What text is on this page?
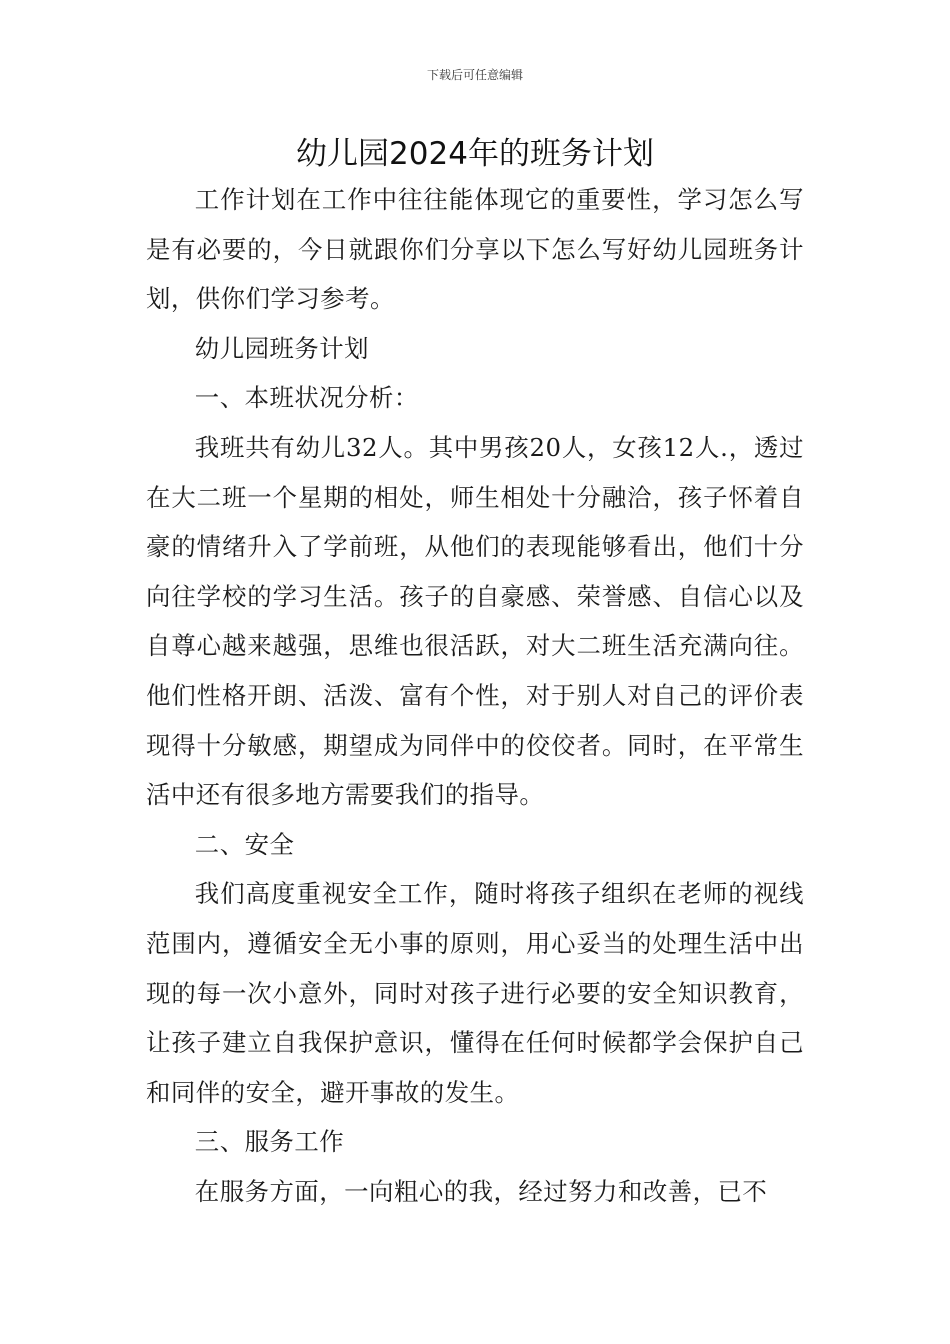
下载后可任意编辑
幼儿园2024年的班务计划

工作计划在工作中往往能体现它的重要性，学习怎么写是有必要的，今日就跟你们分享以下怎么写好幼儿园班务计划，供你们学习参考。

幼儿园班务计划

一、本班状况分析：

我班共有幼儿32人。其中男孩20人，女孩12人.，透过在大二班一个星期的相处，师生相处十分融洽，孩子怀着自豪的情绪升入了学前班，从他们的表现能够看出，他们十分向往学校的学习生活。孩子的自豪感、荣誉感、自信心以及自尊心越来越强，思维也很活跃，对大二班生活充满向往。他们性格开朗、活泼、富有个性，对于别人对自己的评价表现得十分敏感，期望成为同伴中的佼佼者。同时，在平常生活中还有很多地方需要我们的指导。

二、安全

我们高度重视安全工作，随时将孩子组织在老师的视线范围内，遵循安全无小事的原则，用心妥当的处理生活中出现的每一次小意外，同时对孩子进行必要的安全知识教育，让孩子建立自我保护意识，懂得在任何时候都学会保护自己和同伴的安全，避开事故的发生。

三、服务工作

在服务方面，一向粗心的我，经过努力和改善，已不
